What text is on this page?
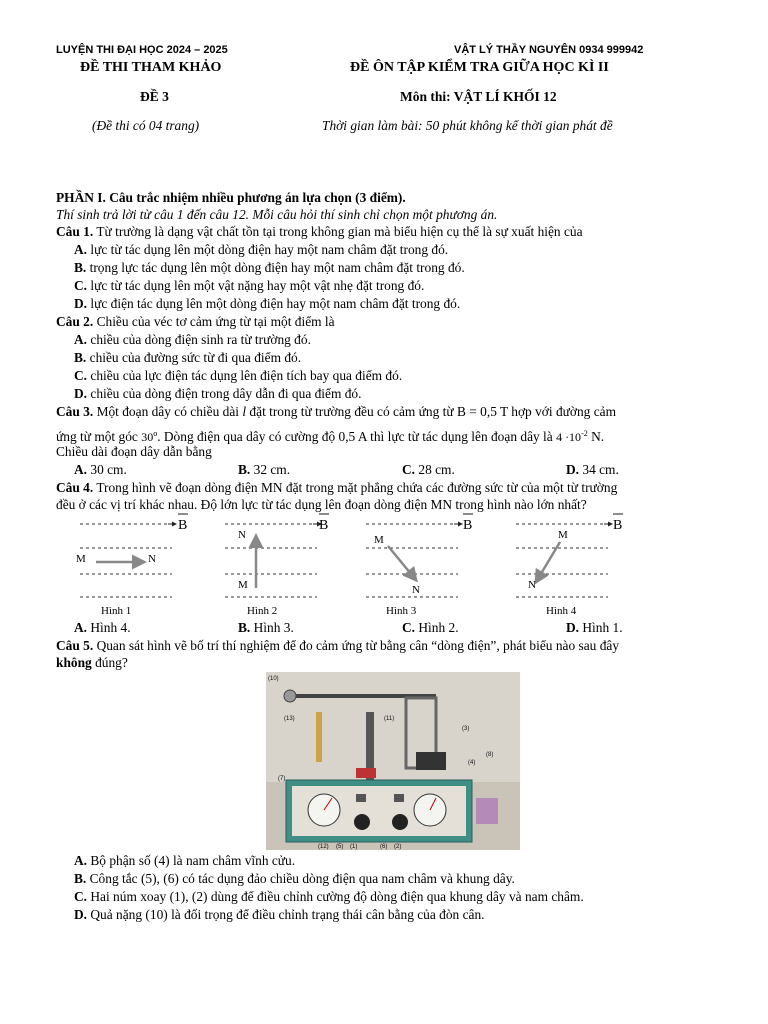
LUYỆN THI ĐẠI HỌC 2024 – 2025	VẬT LÝ THẦY NGUYÊN 0934 999942
ĐỀ THI THAM KHẢO	ĐỀ ÔN TẬP KIỂM TRA GIỮA HỌC KÌ II
ĐỀ 3	Môn thi: VẬT LÍ KHỐI 12
(Đề thi có 04 trang)	Thời gian làm bài: 50 phút không kể thời gian phát đề
PHẦN I. Câu trắc nhiệm nhiều phương án lựa chọn (3 điểm).
Thí sinh trả lời từ câu 1 đến câu 12. Mỗi câu hỏi thí sinh chỉ chọn một phương án.
Câu 1. Từ trường là dạng vật chất tồn tại trong không gian mà biểu hiện cụ thể là sự xuất hiện của
A. lực từ tác dụng lên một dòng điện hay một nam châm đặt trong đó.
B. trọng lực tác dụng lên một dòng điện hay một nam châm đặt trong đó.
C. lực từ tác dụng lên một vật nặng hay một vật nhẹ đặt trong đó.
D. lực điện tác dụng lên một dòng điện hay một nam châm đặt trong đó.
Câu 2. Chiều của véc tơ cảm ứng từ tại một điểm là
A. chiều của dòng điện sinh ra từ trường đó.
B. chiều của đường sức từ đi qua điểm đó.
C. chiều của lực điện tác dụng lên điện tích bay qua điểm đó.
D. chiều của dòng điện trong dây dẫn đi qua điểm đó.
Câu 3. Một đoạn dây có chiều dài l đặt trong từ trường đều có cảm ứng từ B = 0,5 T hợp với đường cảm
ứng từ một góc 30$^o$. Dòng điện qua dây có cường độ 0,5 A thì lực từ tác dụng lên đoạn dây là $4 \cdot 10^{-2}$ N.
Chiều dài đoạn dây dẫn bằng
A. 30 cm.	B. 32 cm.	C. 28 cm.	D. 34 cm.
Câu 4. Trong hình vẽ đoạn dòng điện MN đặt trong mặt phẳng chứa các đường sức từ của một từ trường
đều ở các vị trí khác nhau. Độ lớn lực từ tác dụng lên đoạn dòng điện MN trong hình nào lớn nhất?
B	B	B	B
M	N
N
M
M
N
M
N
Hình 1	Hình 2	Hình 3	Hình 4
A. Hình 4.	B. Hình 3.	C. Hình 2.	D. Hình 1.
Câu 5. Quan sát hình vẽ bố trí thí nghiệm để đo cảm ứng từ bằng cân “dòng điện”, phát biểu nào sau đây
không đúng?
(10)
(13)	(11)
(3)
(8)
(4)
(7)
(12) (5) (1)	(6) (2)
A. Bộ phận số (4) là nam châm vĩnh cửu.
B. Công tắc (5), (6) có tác dụng đảo chiều dòng điện qua nam châm và khung dây.
C. Hai núm xoay (1), (2) dùng để điều chỉnh cường độ dòng điện qua khung dây và nam châm.
D. Quả nặng (10) là đối trọng để điều chỉnh trạng thái cân bằng của đòn cân.
